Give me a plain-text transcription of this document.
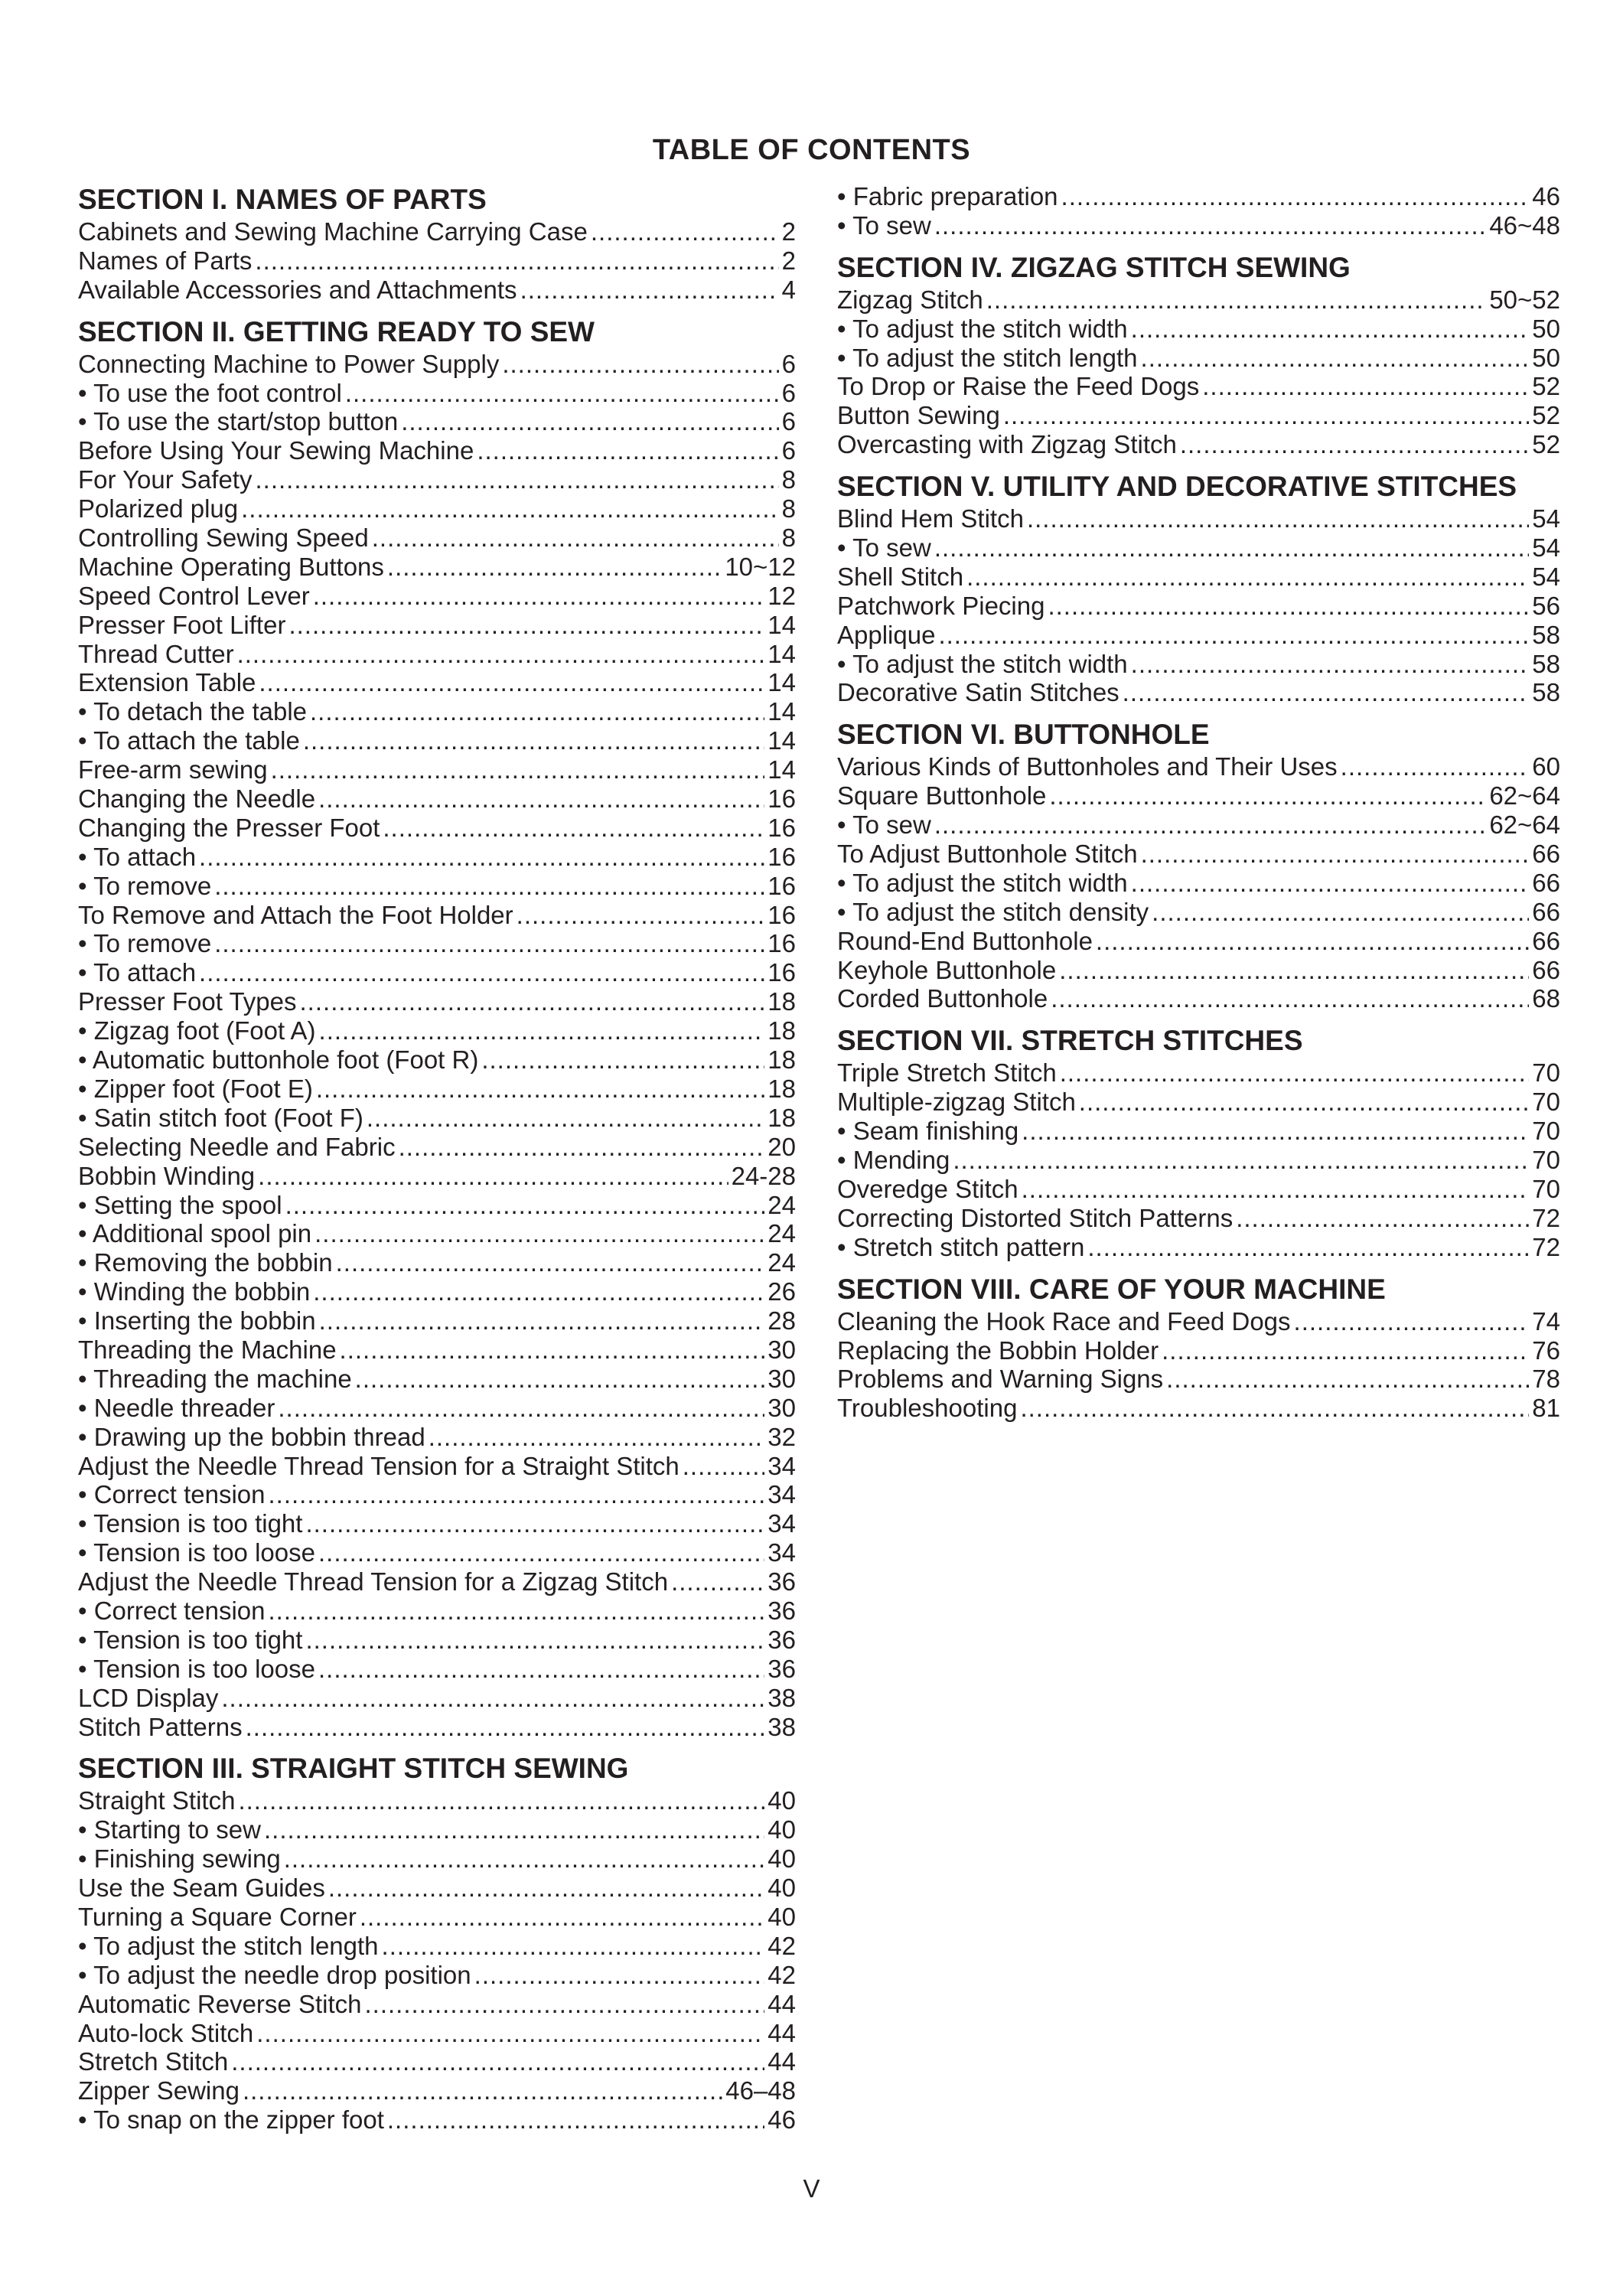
TABLE OF CONTENTS
SECTION I. NAMES OF PARTS
Cabinets and Sewing Machine Carrying Case .....	2
Names of Parts .....	2
Available Accessories and Attachments .....	4
SECTION II. GETTING READY TO SEW
Connecting Machine to Power Supply .....	6
• To use the foot control .....	6
• To use the start/stop button .....	6
Before Using Your Sewing Machine .....	6
For Your Safety .....	8
Polarized plug .....	8
Controlling Sewing Speed .....	8
Machine Operating Buttons .....	10~12
Speed Control Lever .....	12
Presser Foot Lifter .....	14
Thread Cutter .....	14
Extension Table .....	14
• To detach the table .....	14
• To attach the table .....	14
Free-arm sewing .....	14
Changing the Needle .....	16
Changing the Presser Foot .....	16
• To attach .....	16
• To remove .....	16
To Remove and Attach the Foot Holder .....	16
• To remove .....	16
• To attach .....	16
Presser Foot Types .....	18
• Zigzag foot (Foot A) .....	18
• Automatic buttonhole foot (Foot R) .....	18
• Zipper foot (Foot E) .....	18
• Satin stitch foot (Foot F) .....	18
Selecting Needle and Fabric .....	20
Bobbin Winding .....	24-28
• Setting the spool .....	24
• Additional spool pin .....	24
• Removing the bobbin .....	24
• Winding the bobbin .....	26
• Inserting the bobbin .....	28
Threading the Machine .....	30
• Threading the machine .....	30
• Needle threader .....	30
• Drawing up the bobbin thread .....	32
Adjust the Needle Thread Tension for a Straight Stitch .....	34
• Correct tension .....	34
• Tension is too tight .....	34
• Tension is too loose .....	34
Adjust the Needle Thread Tension for a Zigzag Stitch .....	36
• Correct tension .....	36
• Tension is too tight .....	36
• Tension is too loose .....	36
LCD Display .....	38
Stitch Patterns .....	38
SECTION III. STRAIGHT STITCH SEWING
Straight Stitch .....	40
• Starting to sew .....	40
• Finishing sewing .....	40
Use the Seam Guides .....	40
Turning a Square Corner .....	40
• To adjust the stitch length .....	42
• To adjust the needle drop position .....	42
Automatic Reverse Stitch .....	44
Auto-lock Stitch .....	44
Stretch Stitch .....	44
Zipper Sewing .....	46–48
• To snap on the zipper foot .....	46
• Fabric preparation .....	46
• To sew .....	46~48
SECTION IV. ZIGZAG STITCH SEWING
Zigzag Stitch .....	50~52
• To adjust the stitch width .....	50
• To adjust the stitch length .....	50
To Drop or Raise the Feed Dogs .....	52
Button Sewing .....	52
Overcasting with Zigzag Stitch .....	52
SECTION V. UTILITY AND DECORATIVE STITCHES
Blind Hem Stitch .....	54
• To sew .....	54
Shell Stitch .....	54
Patchwork Piecing .....	56
Applique .....	58
• To adjust the stitch width .....	58
Decorative Satin Stitches .....	58
SECTION VI. BUTTONHOLE
Various Kinds of Buttonholes and Their Uses .....	60
Square Buttonhole .....	62~64
• To sew .....	62~64
To Adjust Buttonhole Stitch .....	66
• To adjust the stitch width .....	66
• To adjust the stitch density .....	66
Round-End Buttonhole .....	66
Keyhole Buttonhole .....	66
Corded Buttonhole .....	68
SECTION VII. STRETCH STITCHES
Triple Stretch Stitch .....	70
Multiple-zigzag Stitch .....	70
• Seam finishing .....	70
• Mending .....	70
Overedge Stitch .....	70
Correcting Distorted Stitch Patterns .....	72
• Stretch stitch pattern .....	72
SECTION VIII. CARE OF YOUR MACHINE
Cleaning the Hook Race and Feed Dogs .....	74
Replacing the Bobbin Holder .....	76
Problems and Warning Signs .....	78
Troubleshooting .....	81
V
